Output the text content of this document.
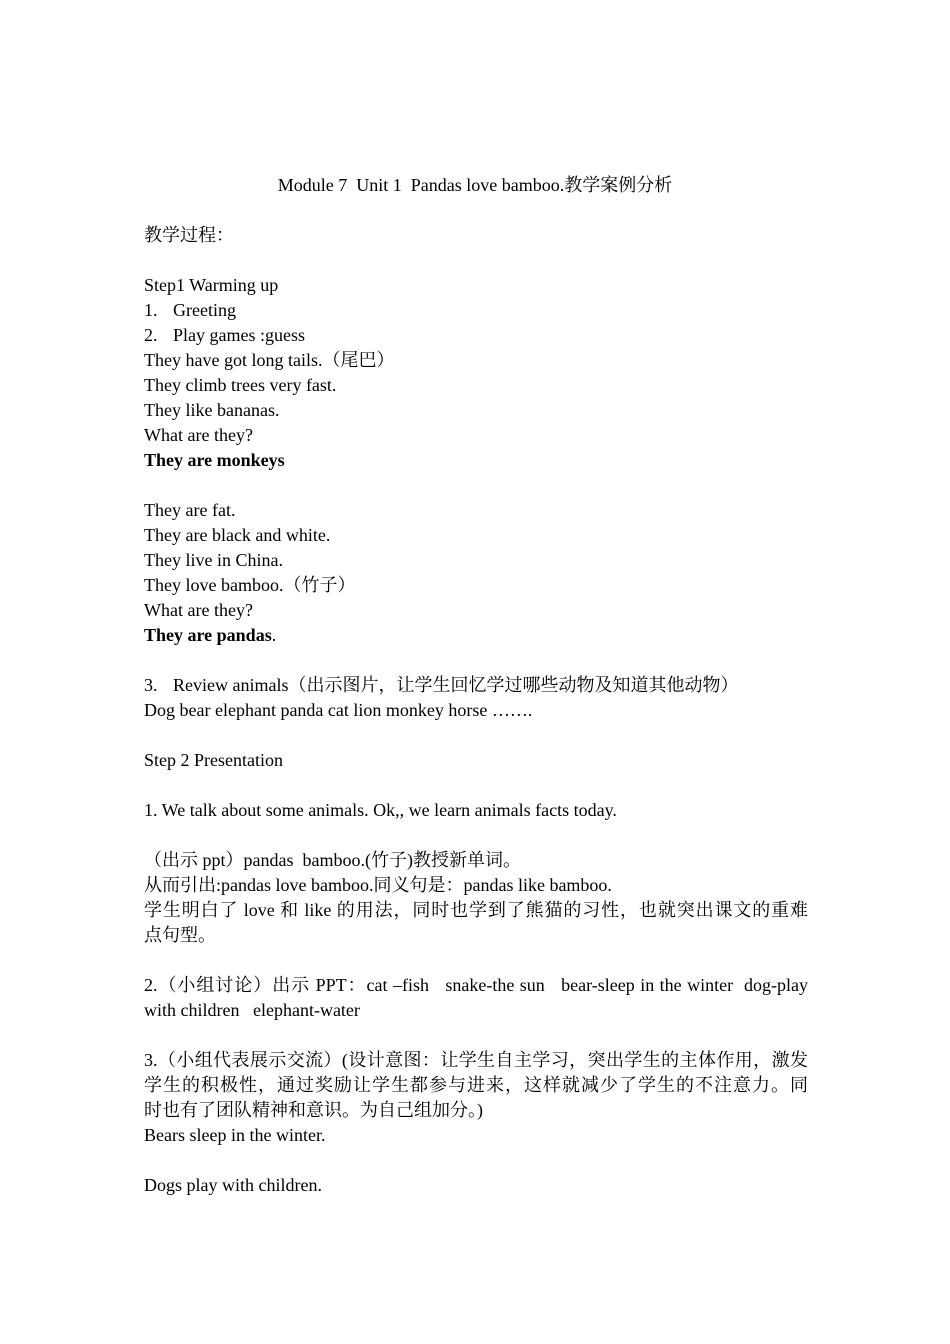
Module 7  Unit 1  Pandas love bamboo.教学案例分析
教学过程：
Step1 Warming up
1. Greeting
2. Play games :guess
They have got long tails.（尾巴）
They climb trees very fast.
They like bananas.
What are they?
They are monkeys
They are fat.
They are black and white.
They live in China.
They love bamboo.（竹子）
What are they?
They are pandas.
3. Review animals（出示图片，让学生回忆学过哪些动物及知道其他动物）
Dog bear elephant panda cat lion monkey horse …….
Step 2 Presentation
1. We talk about some animals. Ok,, we learn animals facts today.
（出示 ppt）pandas  bamboo.(竹子)教授新单词。
从而引出:pandas love bamboo.同义句是：pandas like bamboo.
学生明白了 love 和 like 的用法，同时也学到了熊猫的习性，也就突出课文的重难
点句型。
2.（小组讨论）出示 PPT：cat –fish   snake-the sun   bear-sleep in the winter  dog-play
with children   elephant-water
3.（小组代表展示交流）(设计意图：让学生自主学习，突出学生的主体作用，激发
学生的积极性，通过奖励让学生都参与进来，这样就减少了学生的不注意力。同
时也有了团队精神和意识。为自己组加分。)
Bears sleep in the winter.
Dogs play with children.
